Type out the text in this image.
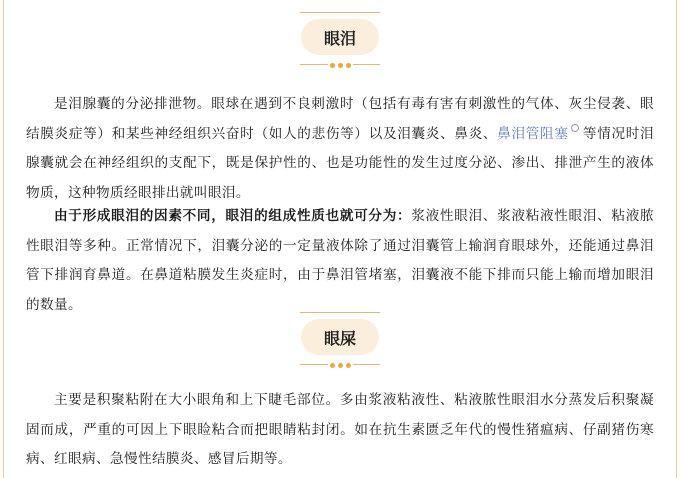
眼泪
是泪腺囊的分泌排泄物。眼球在遇到不良刺激时（包括有毒有害有刺激性的气体、灰尘侵袭、眼结膜炎症等）和某些神经组织兴奋时（如人的悲伤等）以及泪囊炎、鼻炎、鼻泪管阻塞 等情况时泪腺囊就会在神经组织的支配下，既是保护性的、也是功能性的发生过度分泌、渗出、排泄产生的液体物质，这种物质经眼排出就叫眼泪。
由于形成眼泪的因素不同，眼泪的组成性质也就可分为：浆液性眼泪、浆液粘液性眼泪、粘液脓性眼泪等多种。正常情况下，泪囊分泌的一定量液体除了通过泪囊管上输润育眼球外，还能通过鼻泪管下排润育鼻道。在鼻道粘膜发生炎症时，由于鼻泪管堵塞，泪囊液不能下排而只能上输而增加眼泪的数量。
眼屎
主要是积聚粘附在大小眼角和上下睫毛部位。多由浆液粘液性、粘液脓性眼泪水分蒸发后积聚凝固而成，严重的可因上下眼睑粘合而把眼睛粘封闭。如在抗生素匮乏年代的慢性猪瘟病、仔副猪伤寒病、红眼病、急慢性结膜炎、感冒后期等。
